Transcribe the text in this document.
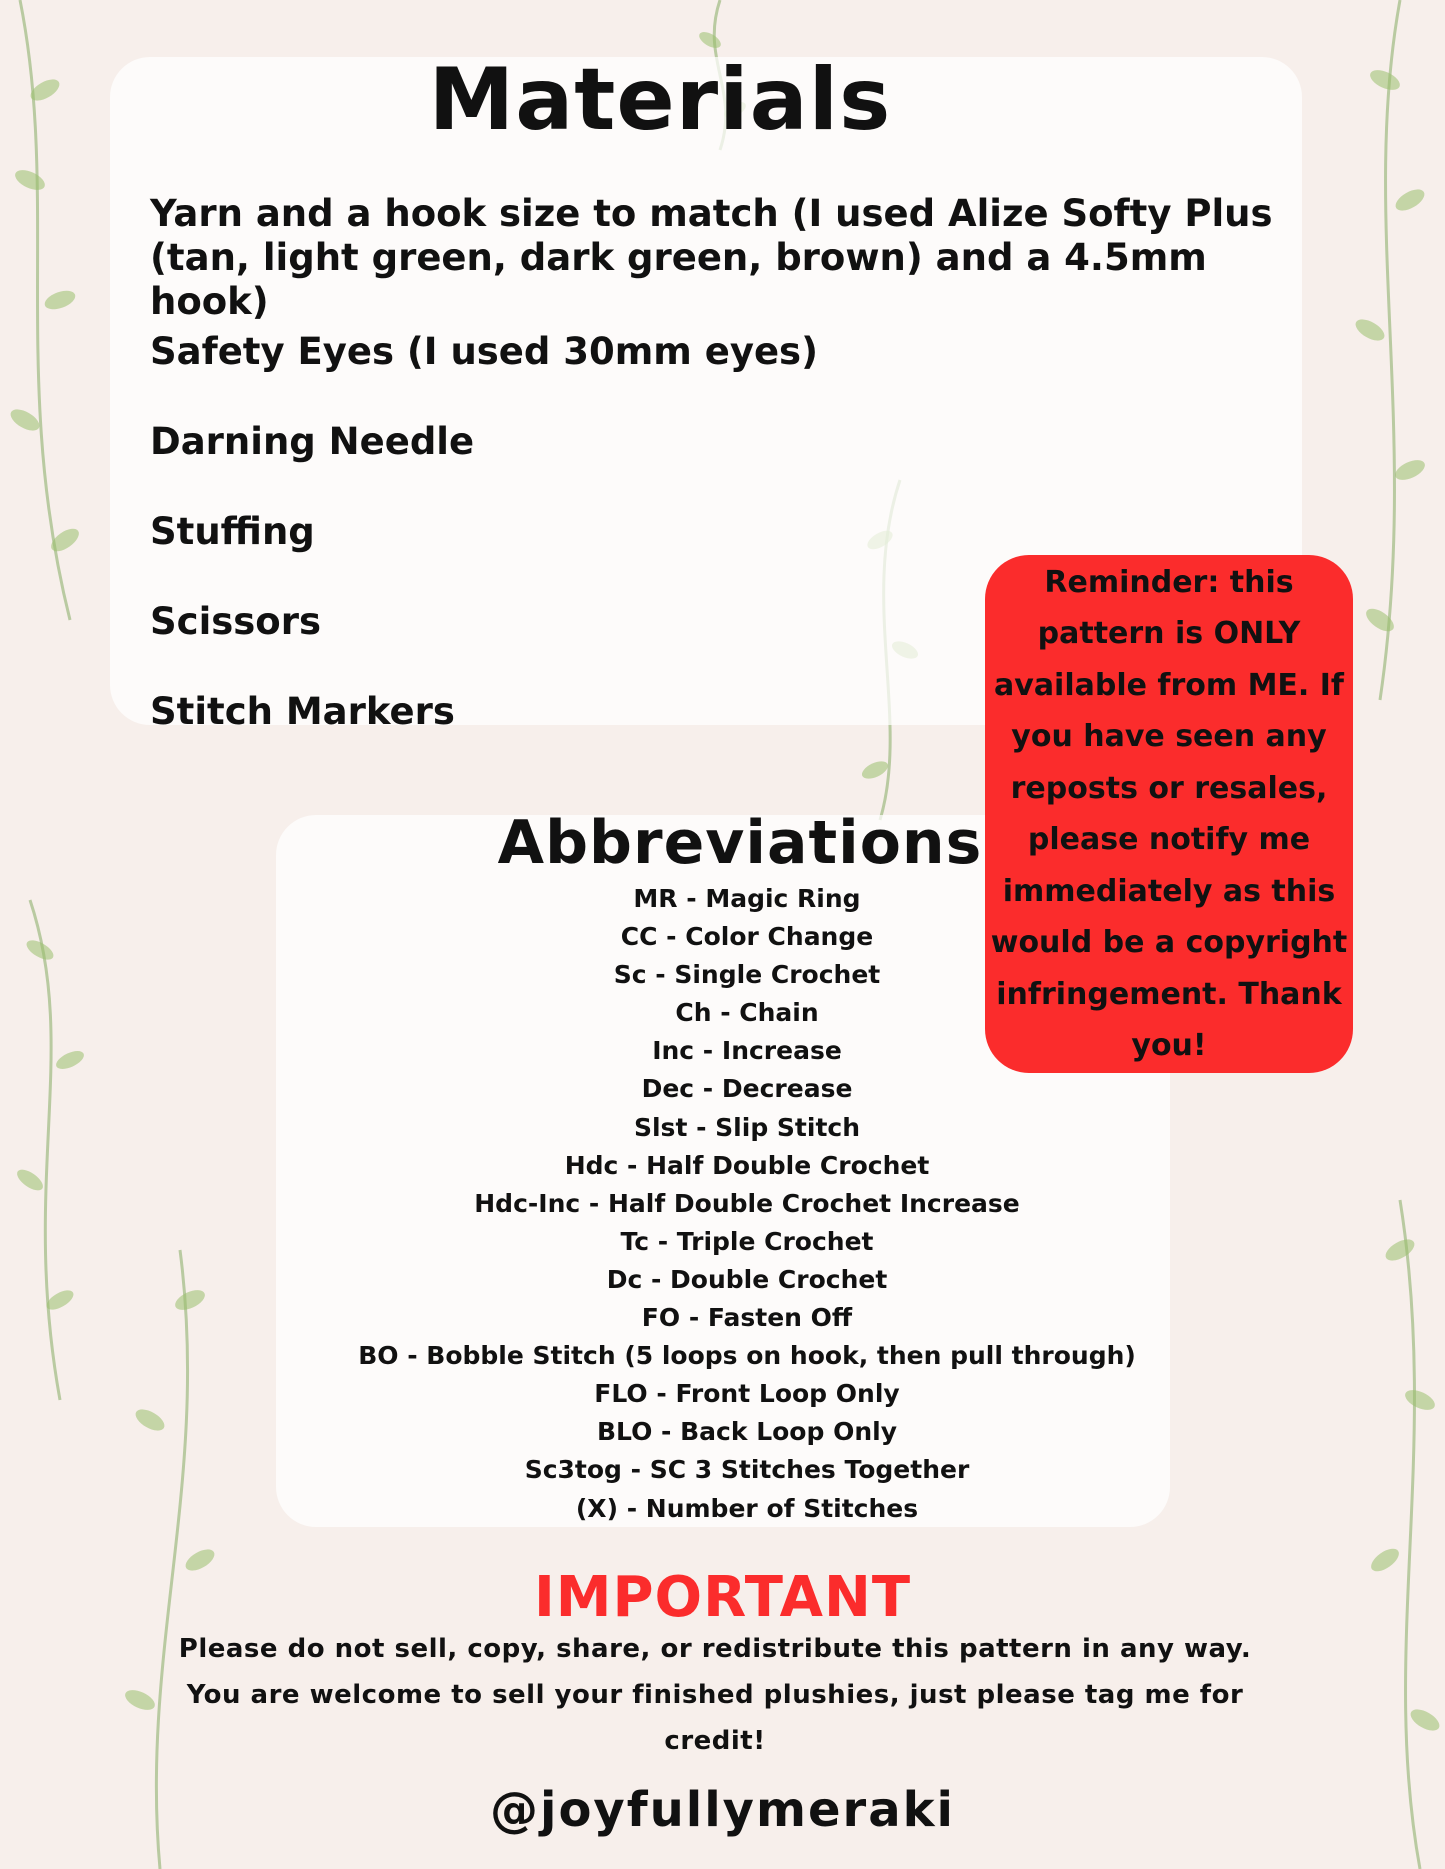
Materials
Yarn and a hook size to match (I used Alize Softy Plus (tan, light green, dark green, brown) and a 4.5mm hook)
Safety Eyes (I used 30mm eyes)
Darning Needle
Stuffing
Scissors
Stitch Markers
Reminder: this pattern is ONLY available from ME. If you have seen any reposts or resales, please notify me immediately as this would be a copyright infringement. Thank you!
Abbreviations
MR - Magic Ring
CC - Color Change
Sc - Single Crochet
Ch - Chain
Inc - Increase
Dec - Decrease
Slst - Slip Stitch
Hdc - Half Double Crochet
Hdc-Inc - Half Double Crochet Increase
Tc - Triple Crochet
Dc - Double Crochet
FO - Fasten Off
BO - Bobble Stitch (5 loops on hook, then pull through)
FLO - Front Loop Only
BLO - Back Loop Only
Sc3tog - SC 3 Stitches Together
(X) - Number of Stitches
IMPORTANT
Please do not sell, copy, share, or redistribute this pattern in any way. You are welcome to sell your finished plushies, just please tag me for credit!
@joyfullymeraki
